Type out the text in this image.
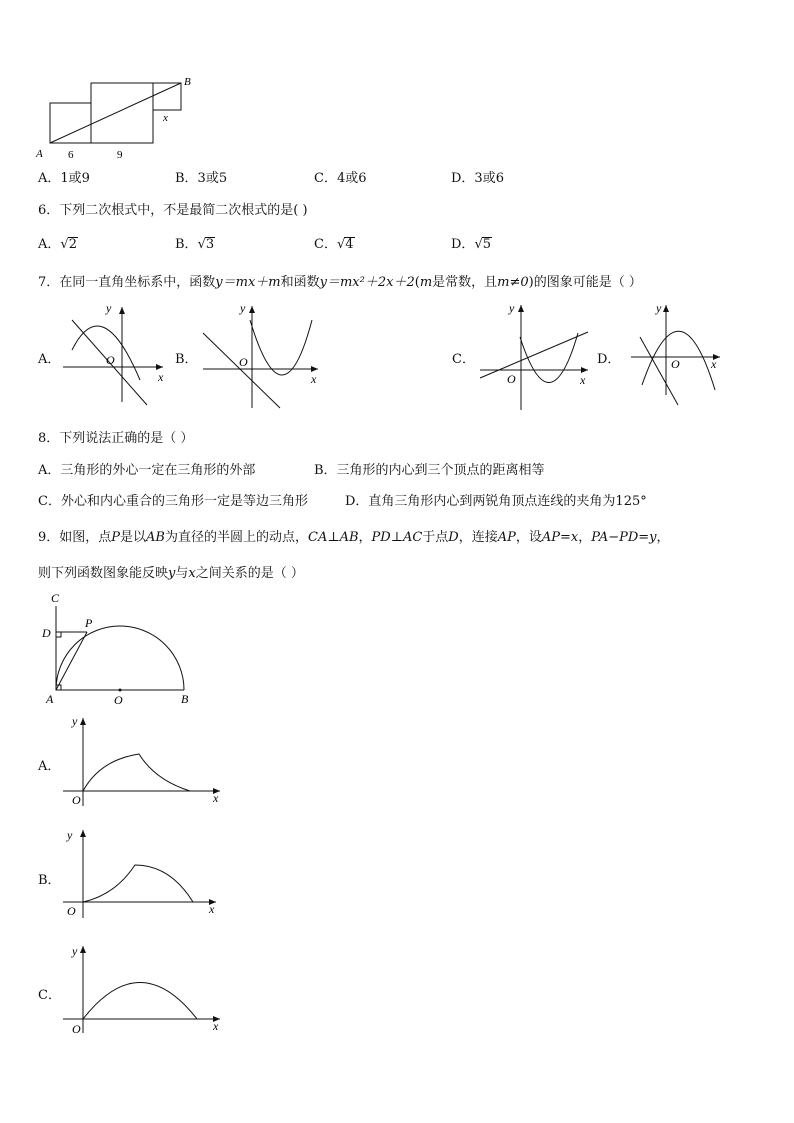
A
B
x
6	9
A．1或9	B．3或5	C．4或6	D．3或6
6．下列二次根式中，不是最简二次根式的是( )
A．√2	B．√3	C．√4	D．√5
7．在同一直角坐标系中，函数y＝mx＋m和函数y＝mx²＋2x＋2(m是常数，且m≠0)的图象可能是（ ）
A．	B．	C．	D．
y
x
O
y
x
O
y
x
O
y
x
O
8．下列说法正确的是（ ）
A．三角形的外心一定在三角形的外部	B．三角形的内心到三个顶点的距离相等
C．外心和内心重合的三角形一定是等边三角形	D．直角三角形内心到两锐角顶点连线的夹角为125°
9．如图，点P是以AB为直径的半圆上的动点，CA⊥AB，PD⊥AC于点D，连接AP，设AP=x，PA−PD=y，
则下列函数图象能反映y与x之间关系的是（ ）
C
D
P
A	O	B
A．
B．
C．
y
x
O
y
x
O
y
x
O
